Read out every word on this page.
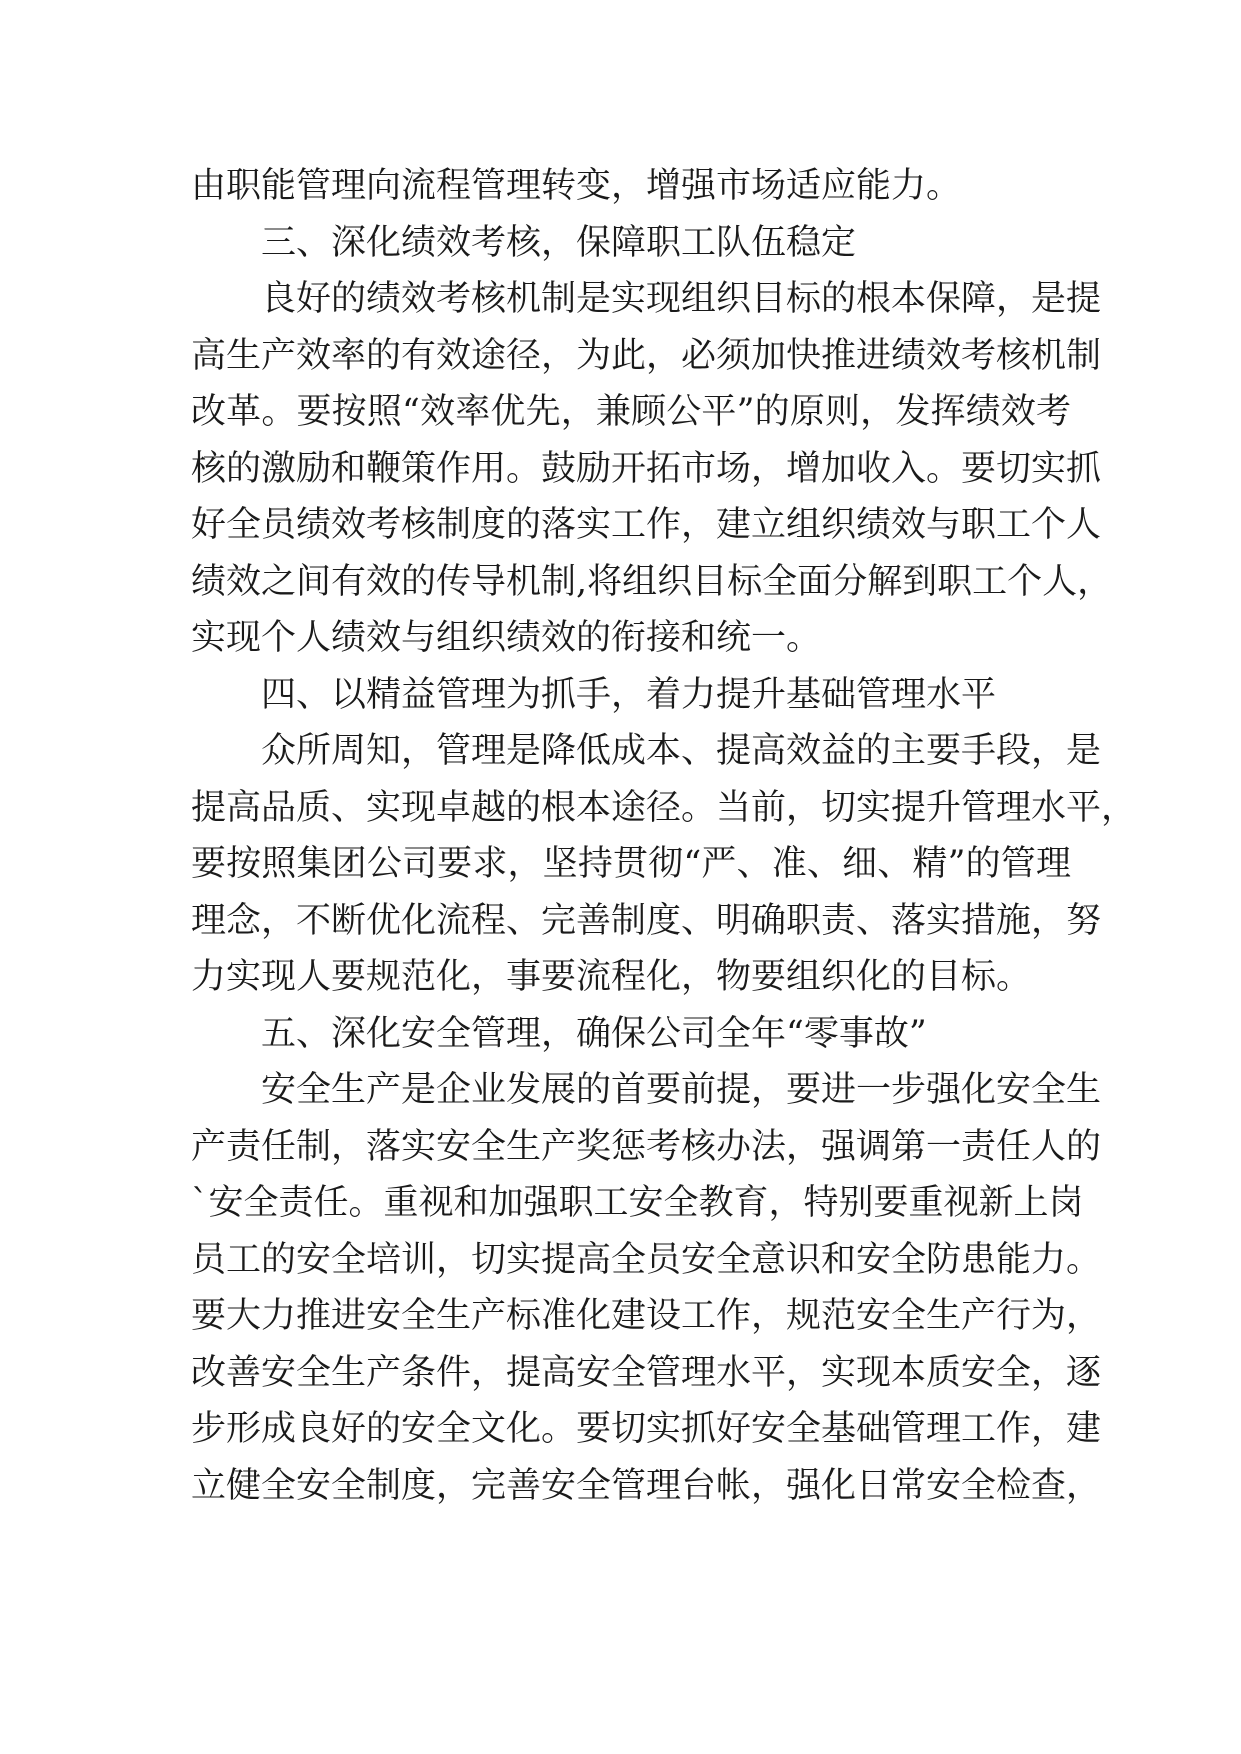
由职能管理向流程管理转变，增强市场适应能力。
三、深化绩效考核，保障职工队伍稳定
良好的绩效考核机制是实现组织目标的根本保障，是提
高生产效率的有效途径，为此，必须加快推进绩效考核机制
改革。要按照“效率优先，兼顾公平”的原则，发挥绩效考
核的激励和鞭策作用。鼓励开拓市场，增加收入。要切实抓
好全员绩效考核制度的落实工作，建立组织绩效与职工个人
绩效之间有效的传导机制,将组织目标全面分解到职工个人，
实现个人绩效与组织绩效的衔接和统一。
四、以精益管理为抓手，着力提升基础管理水平
众所周知，管理是降低成本、提高效益的主要手段，是
提高品质、实现卓越的根本途径。当前，切实提升管理水平，
要按照集团公司要求，坚持贯彻“严、准、细、精”的管理
理念，不断优化流程、完善制度、明确职责、落实措施，努
力实现人要规范化，事要流程化，物要组织化的目标。
五、深化安全管理，确保公司全年“零事故”
安全生产是企业发展的首要前提，要进一步强化安全生
产责任制，落实安全生产奖惩考核办法，强调第一责任人的
`安全责任。重视和加强职工安全教育，特别要重视新上岗
员工的安全培训，切实提高全员安全意识和安全防患能力。
要大力推进安全生产标准化建设工作，规范安全生产行为，
改善安全生产条件，提高安全管理水平，实现本质安全，逐
步形成良好的安全文化。要切实抓好安全基础管理工作，建
立健全安全制度，完善安全管理台帐，强化日常安全检查，
